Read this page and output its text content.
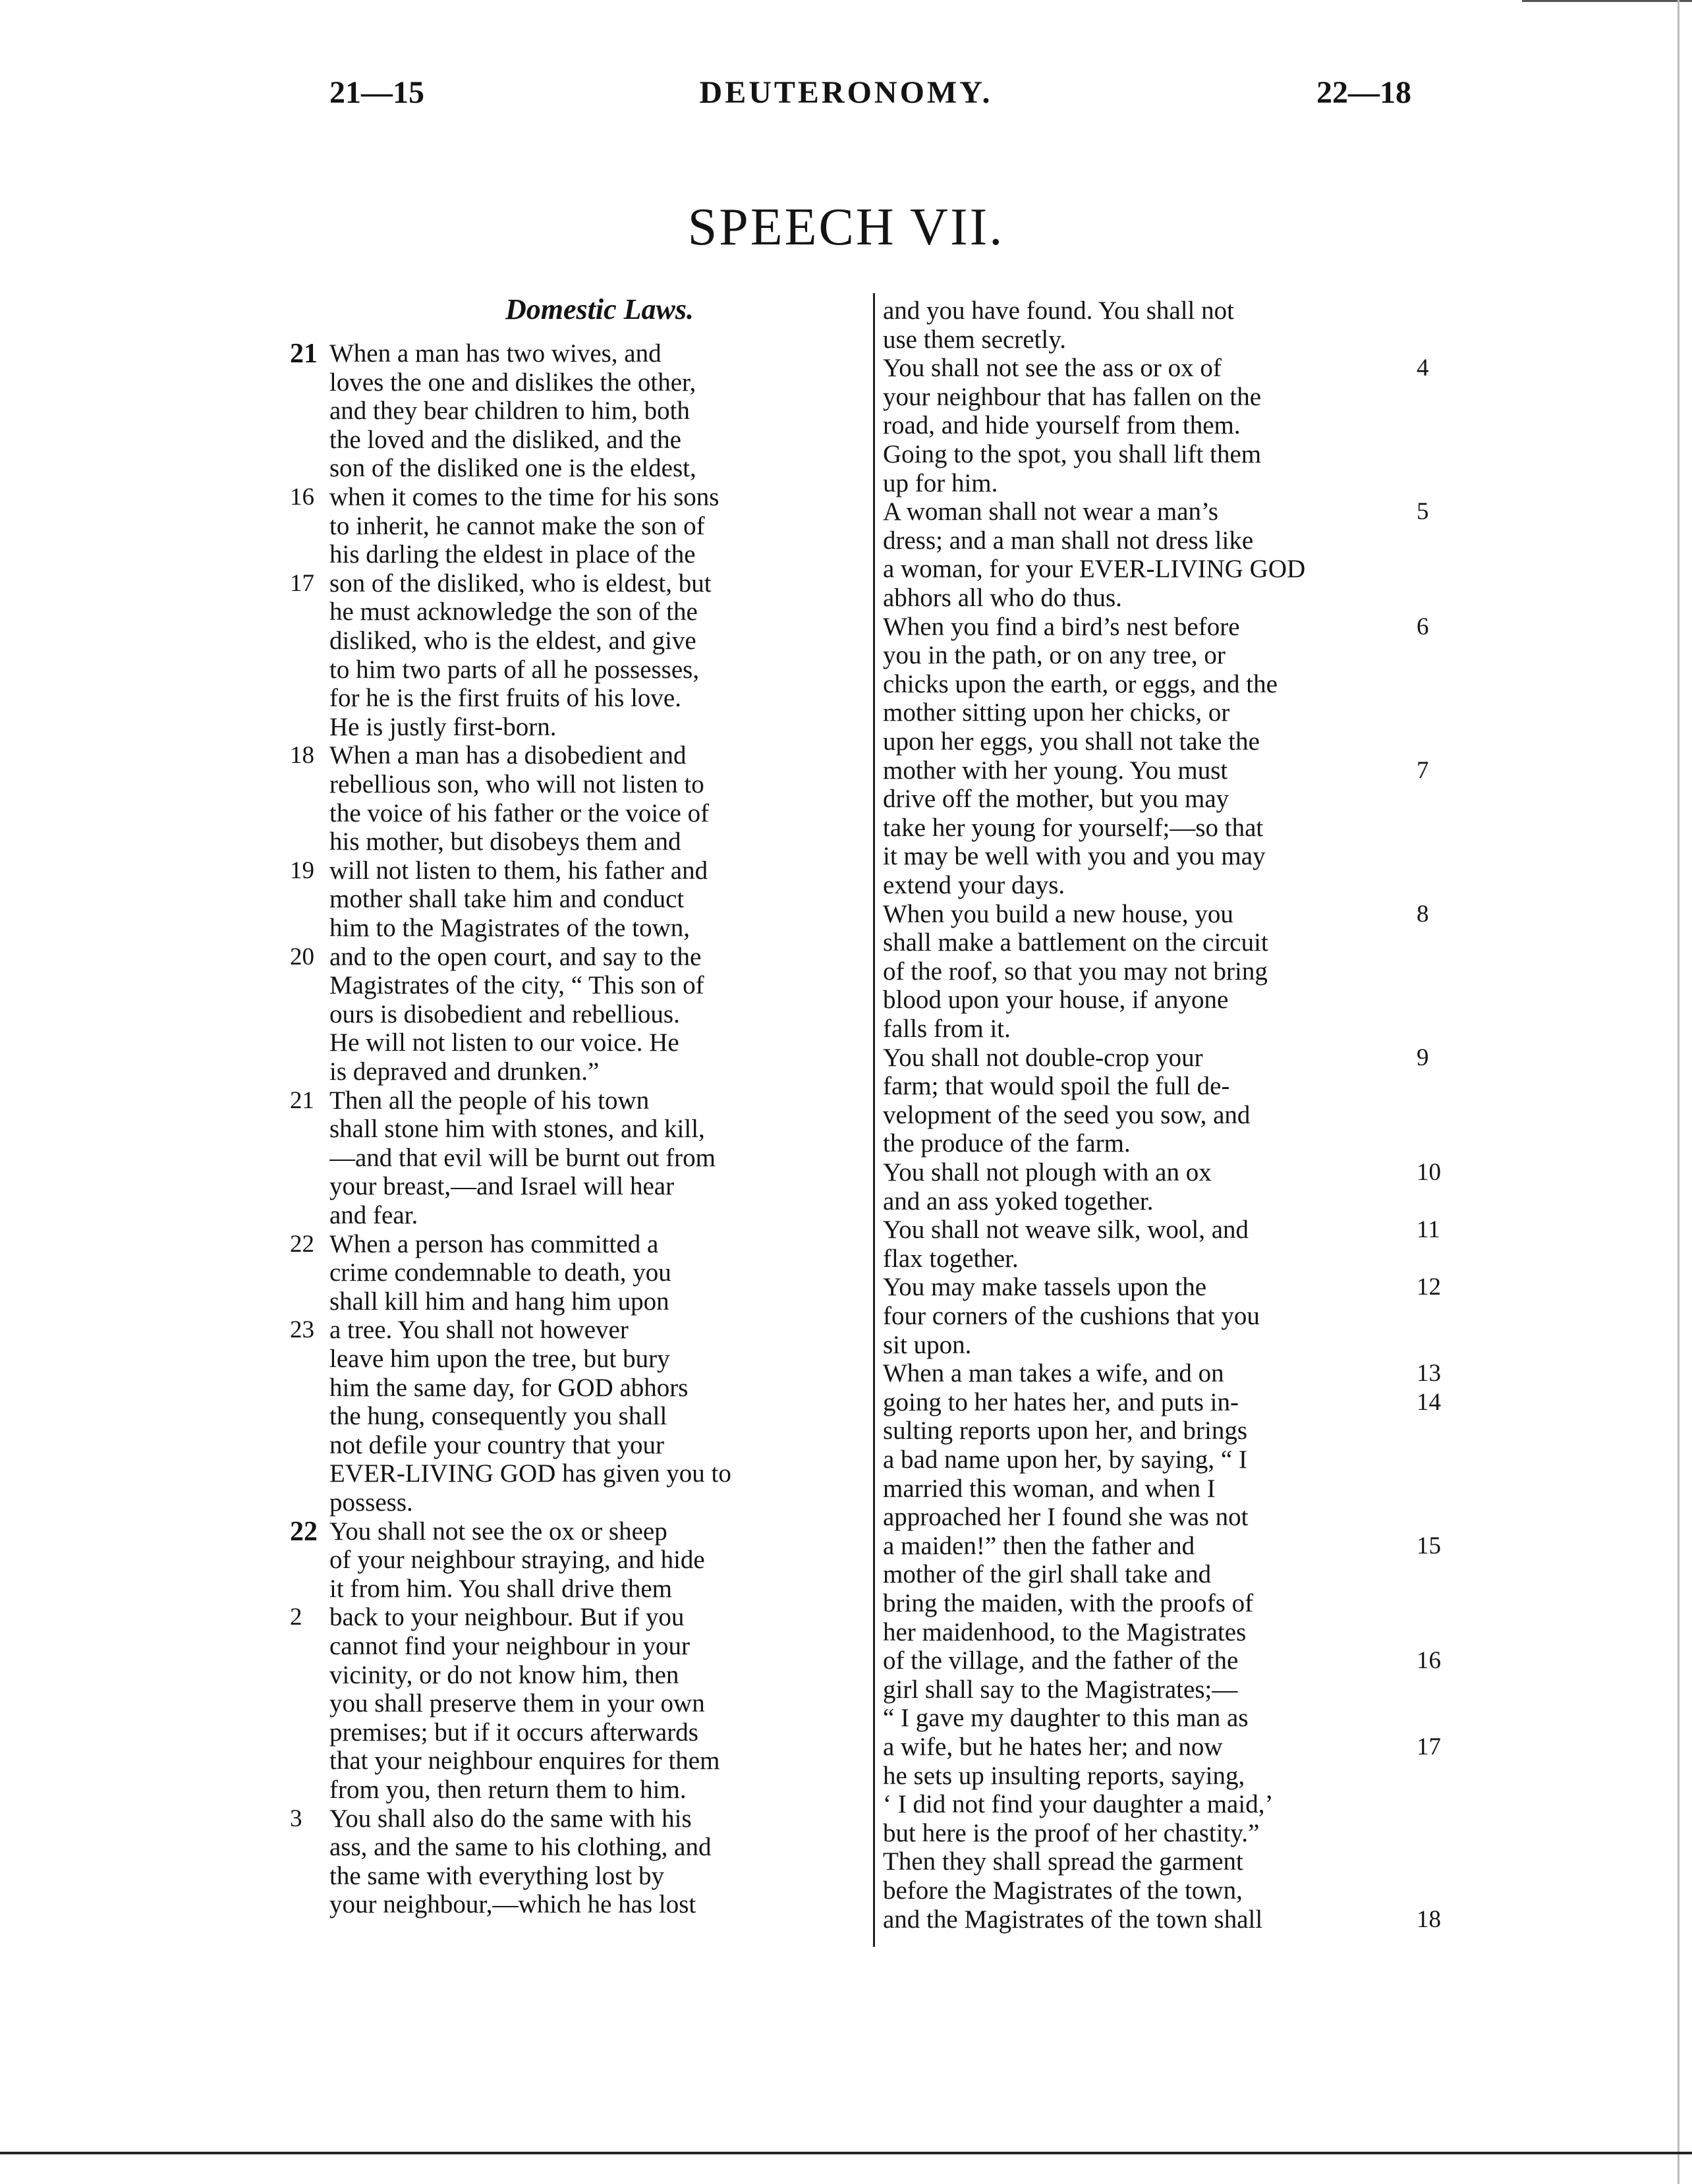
DEUTERONOMY.
21—15	22—18
SPEECH VII.
Domestic Laws.
When a man has two wives, and
21
loves the one and dislikes the other,
and they bear children to him, both
the loved and the disliked, and the
son of the disliked one is the eldest,
when it comes to the time for his sons
16
to inherit, he cannot make the son of
his darling the eldest in place of the
son of the disliked, who is eldest, but
17
he must acknowledge the son of the
disliked, who is the eldest, and give
to him two parts of all he possesses,
for he is the first fruits of his love.
He is justly first-born.
When a man has a disobedient and
18
rebellious son, who will not listen to
the voice of his father or the voice of
his mother, but disobeys them and
will not listen to them, his father and
19
mother shall take him and conduct
him to the Magistrates of the town,
and to the open court, and say to the
20
Magistrates of the city, “ This son of
ours is disobedient and rebellious.
He will not listen to our voice. He
is depraved and drunken.”
Then all the people of his town
21
shall stone him with stones, and kill,
—and that evil will be burnt out from
your breast,—and Israel will hear
and fear.
When a person has committed a
22
crime condemnable to death, you
shall kill him and hang him upon
a tree. You shall not however
23
leave him upon the tree, but bury
him the same day, for GOD abhors
the hung, consequently you shall
not defile your country that your
EVER-LIVING GOD has given you to
possess.
You shall not see the ox or sheep
22
of your neighbour straying, and hide
it from him. You shall drive them
back to your neighbour. But if you
2
cannot find your neighbour in your
vicinity, or do not know him, then
you shall preserve them in your own
premises; but if it occurs afterwards
that your neighbour enquires for them
from you, then return them to him.
You shall also do the same with his
3
ass, and the same to his clothing, and
the same with everything lost by
your neighbour,—which he has lost
and you have found. You shall not
use them secretly.
You shall not see the ass or ox of	4
your neighbour that has fallen on the
road, and hide yourself from them.
Going to the spot, you shall lift them
up for him.
A woman shall not wear a man’s	5
dress; and a man shall not dress like
a woman, for your EVER-LIVING GOD
abhors all who do thus.
When you find a bird’s nest before	6
you in the path, or on any tree, or
chicks upon the earth, or eggs, and the
mother sitting upon her chicks, or
upon her eggs, you shall not take the
mother with her young. You must	7
drive off the mother, but you may
take her young for yourself;—so that
it may be well with you and you may
extend your days.
When you build a new house, you	8
shall make a battlement on the circuit
of the roof, so that you may not bring
blood upon your house, if anyone
falls from it.
You shall not double-crop your	9
farm; that would spoil the full de-
velopment of the seed you sow, and
the produce of the farm.
You shall not plough with an ox	10
and an ass yoked together.
You shall not weave silk, wool, and	11
flax together.
You may make tassels upon the	12
four corners of the cushions that you
sit upon.
When a man takes a wife, and on	13
going to her hates her, and puts in-	14
sulting reports upon her, and brings
a bad name upon her, by saying, “ I
married this woman, and when I
approached her I found she was not
a maiden!” then the father and	15
mother of the girl shall take and
bring the maiden, with the proofs of
her maidenhood, to the Magistrates
of the village, and the father of the	16
girl shall say to the Magistrates;—
“ I gave my daughter to this man as
a wife, but he hates her; and now	17
he sets up insulting reports, saying,
‘ I did not find your daughter a maid,’
but here is the proof of her chastity.”
Then they shall spread the garment
before the Magistrates of the town,
and the Magistrates of the town shall	18
